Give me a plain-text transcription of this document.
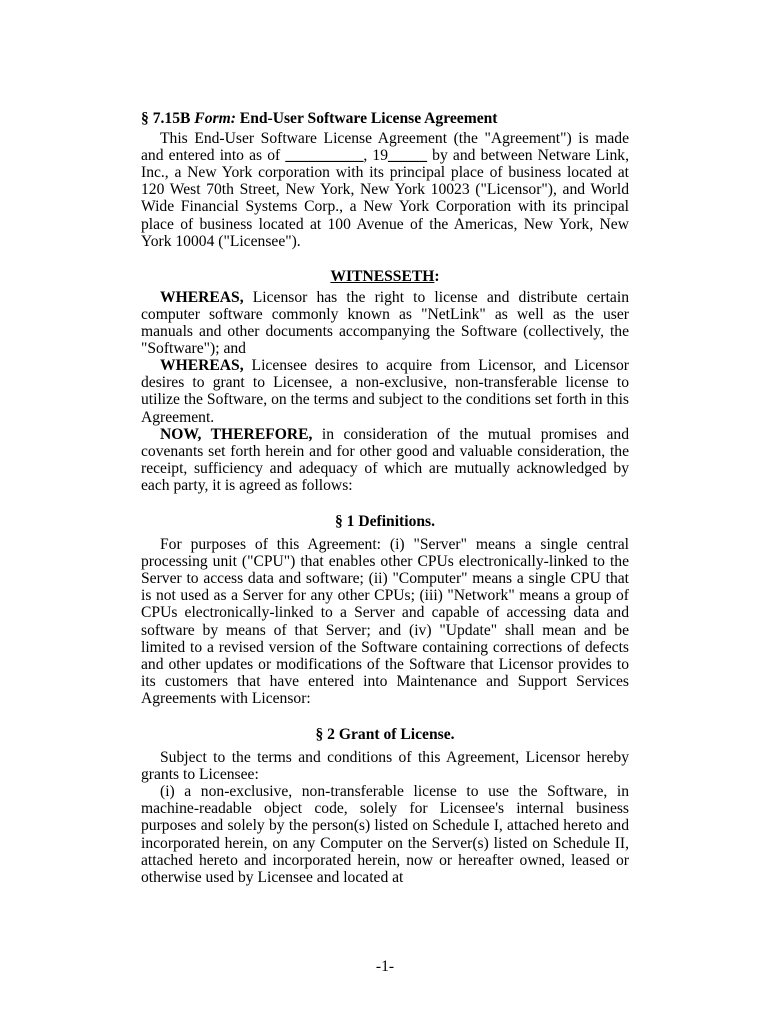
§ 7.15B Form: End-User Software License Agreement

This End-User Software License Agreement (the "Agreement") is made and entered into as of __________, 19_____ by and between Netware Link, Inc., a New York corporation with its principal place of business located at 120 West 70th Street, New York, New York 10023 ("Licensor"), and World Wide Financial Systems Corp., a New York Corporation with its principal place of business located at 100 Avenue of the Americas, New York, New York 10004 ("Licensee").

WITNESSETH:

WHEREAS, Licensor has the right to license and distribute certain computer software commonly known as "NetLink" as well as the user manuals and other documents accompanying the Software (collectively, the "Software"); and

WHEREAS, Licensee desires to acquire from Licensor, and Licensor desires to grant to Licensee, a non-exclusive, non-transferable license to utilize the Software, on the terms and subject to the conditions set forth in this Agreement.

NOW, THEREFORE, in consideration of the mutual promises and covenants set forth herein and for other good and valuable consideration, the receipt, sufficiency and adequacy of which are mutually acknowledged by each party, it is agreed as follows:

§ 1 Definitions.

For purposes of this Agreement: (i) "Server" means a single central processing unit ("CPU") that enables other CPUs electronically-linked to the Server to access data and software; (ii) "Computer" means a single CPU that is not used as a Server for any other CPUs; (iii) "Network" means a group of CPUs electronically-linked to a Server and capable of accessing data and software by means of that Server; and (iv) "Update" shall mean and be limited to a revised version of the Software containing corrections of defects and other updates or modifications of the Software that Licensor provides to its customers that have entered into Maintenance and Support Services Agreements with Licensor:

§ 2 Grant of License.

Subject to the terms and conditions of this Agreement, Licensor hereby grants to Licensee:

(i) a non-exclusive, non-transferable license to use the Software, in machine-readable object code, solely for Licensee's internal business purposes and solely by the person(s) listed on Schedule I, attached hereto and incorporated herein, on any Computer on the Server(s) listed on Schedule II, attached hereto and incorporated herein, now or hereafter owned, leased or otherwise used by Licensee and located at

-1-
